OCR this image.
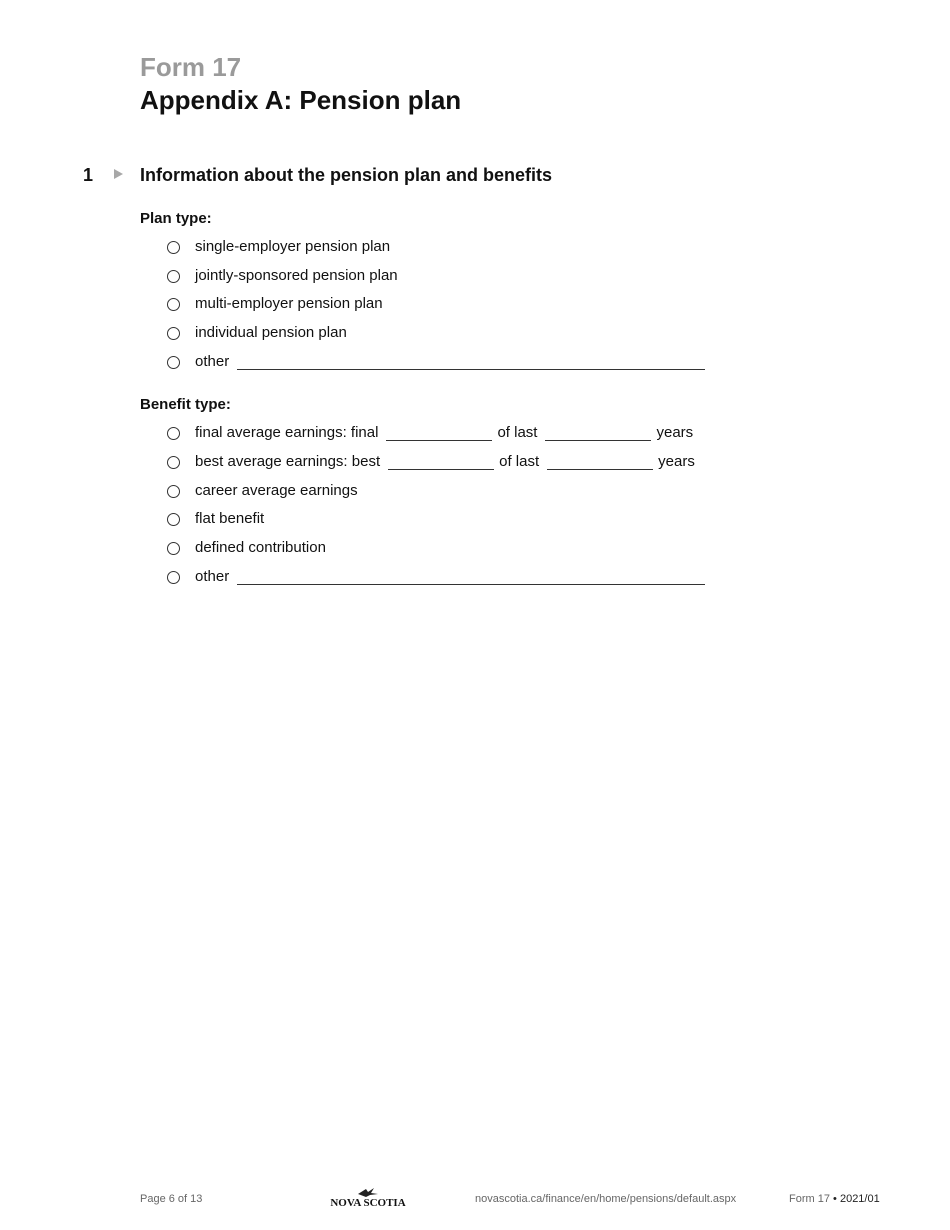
Form 17
Appendix A: Pension plan
1	Information about the pension plan and benefits
Plan type:
single-employer pension plan
jointly-sponsored pension plan
multi-employer pension plan
individual pension plan
other
Benefit type:
final average earnings: final	of last	years
best average earnings: best	of last	years
career average earnings
flat benefit
defined contribution
other
Page 6 of 13	NOVA SCOTIA	novascotia.ca/finance/en/home/pensions/default.aspx	Form 17 • 2021/01
